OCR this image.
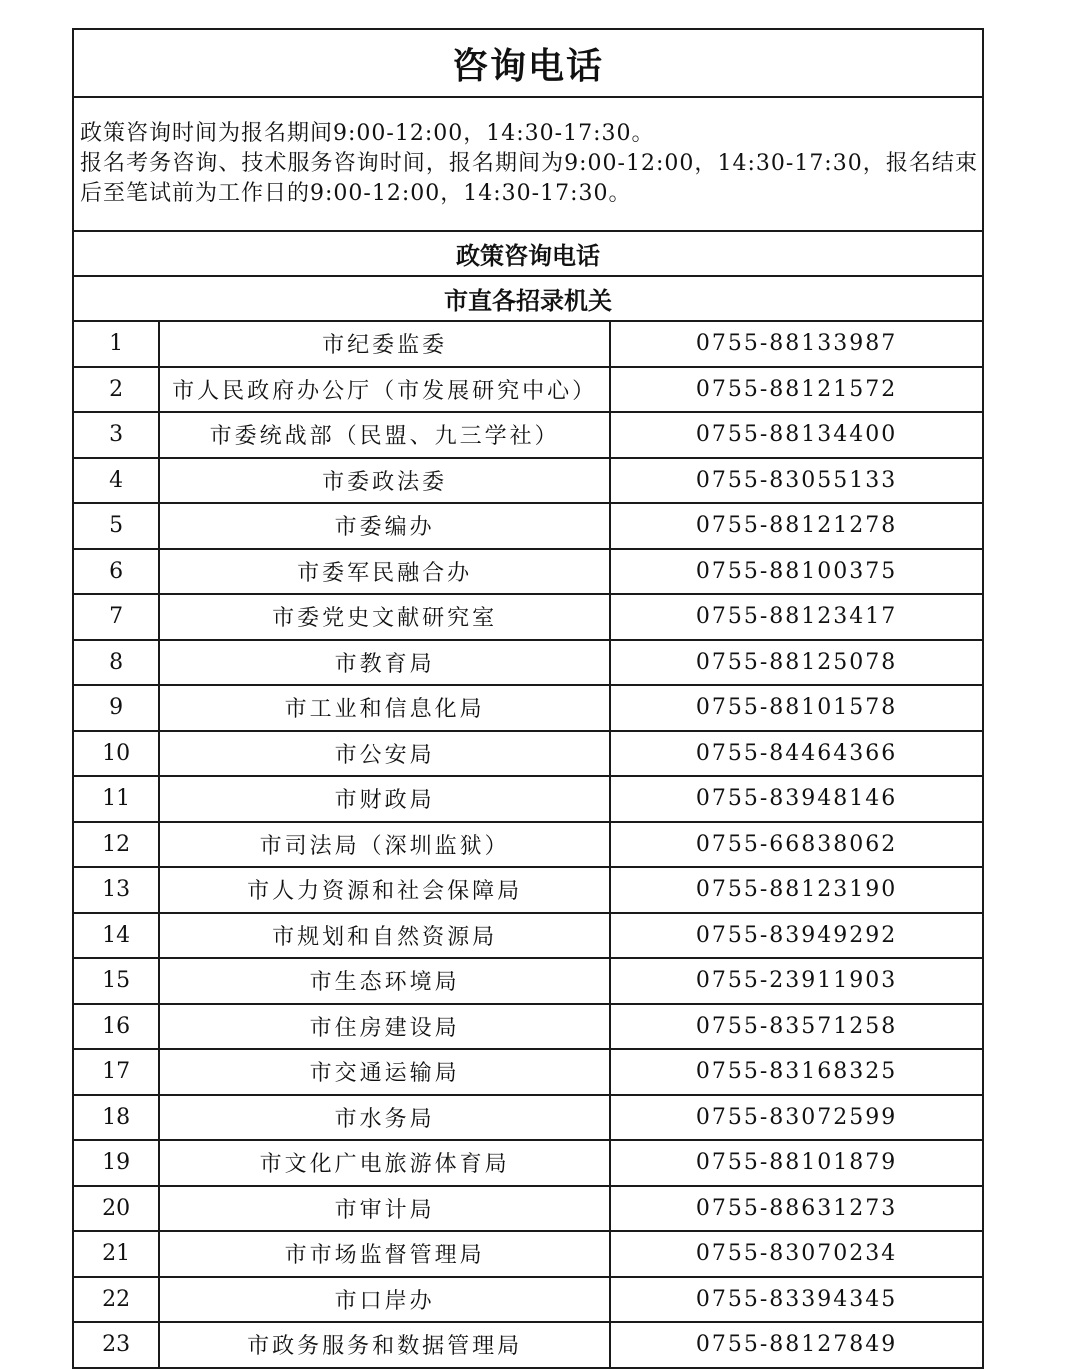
咨询电话		

政策咨询时间为报名期间9:00-12:00，14:30-17:30。
报名考务咨询、技术服务咨询时间，报名期间为9:00-12:00，14:30-17:30，报名结束后至笔试前为工作日的9:00-12:00，14:30-17:30。		

政策咨询电话		
市直各招录机关		
1	市纪委监委	0755-88133987
2	市人民政府办公厅（市发展研究中心）	0755-88121572
3	市委统战部（民盟、九三学社）	0755-88134400
4	市委政法委	0755-83055133
5	市委编办	0755-88121278
6	市委军民融合办	0755-88100375
7	市委党史文献研究室	0755-88123417
8	市教育局	0755-88125078
9	市工业和信息化局	0755-88101578
10	市公安局	0755-84464366
11	市财政局	0755-83948146
12	市司法局（深圳监狱）	0755-66838062
13	市人力资源和社会保障局	0755-88123190
14	市规划和自然资源局	0755-83949292
15	市生态环境局	0755-23911903
16	市住房建设局	0755-83571258
17	市交通运输局	0755-83168325
18	市水务局	0755-83072599
19	市文化广电旅游体育局	0755-88101879
20	市审计局	0755-88631273
21	市市场监督管理局	0755-83070234
22	市口岸办	0755-83394345
23	市政务服务和数据管理局	0755-88127849
